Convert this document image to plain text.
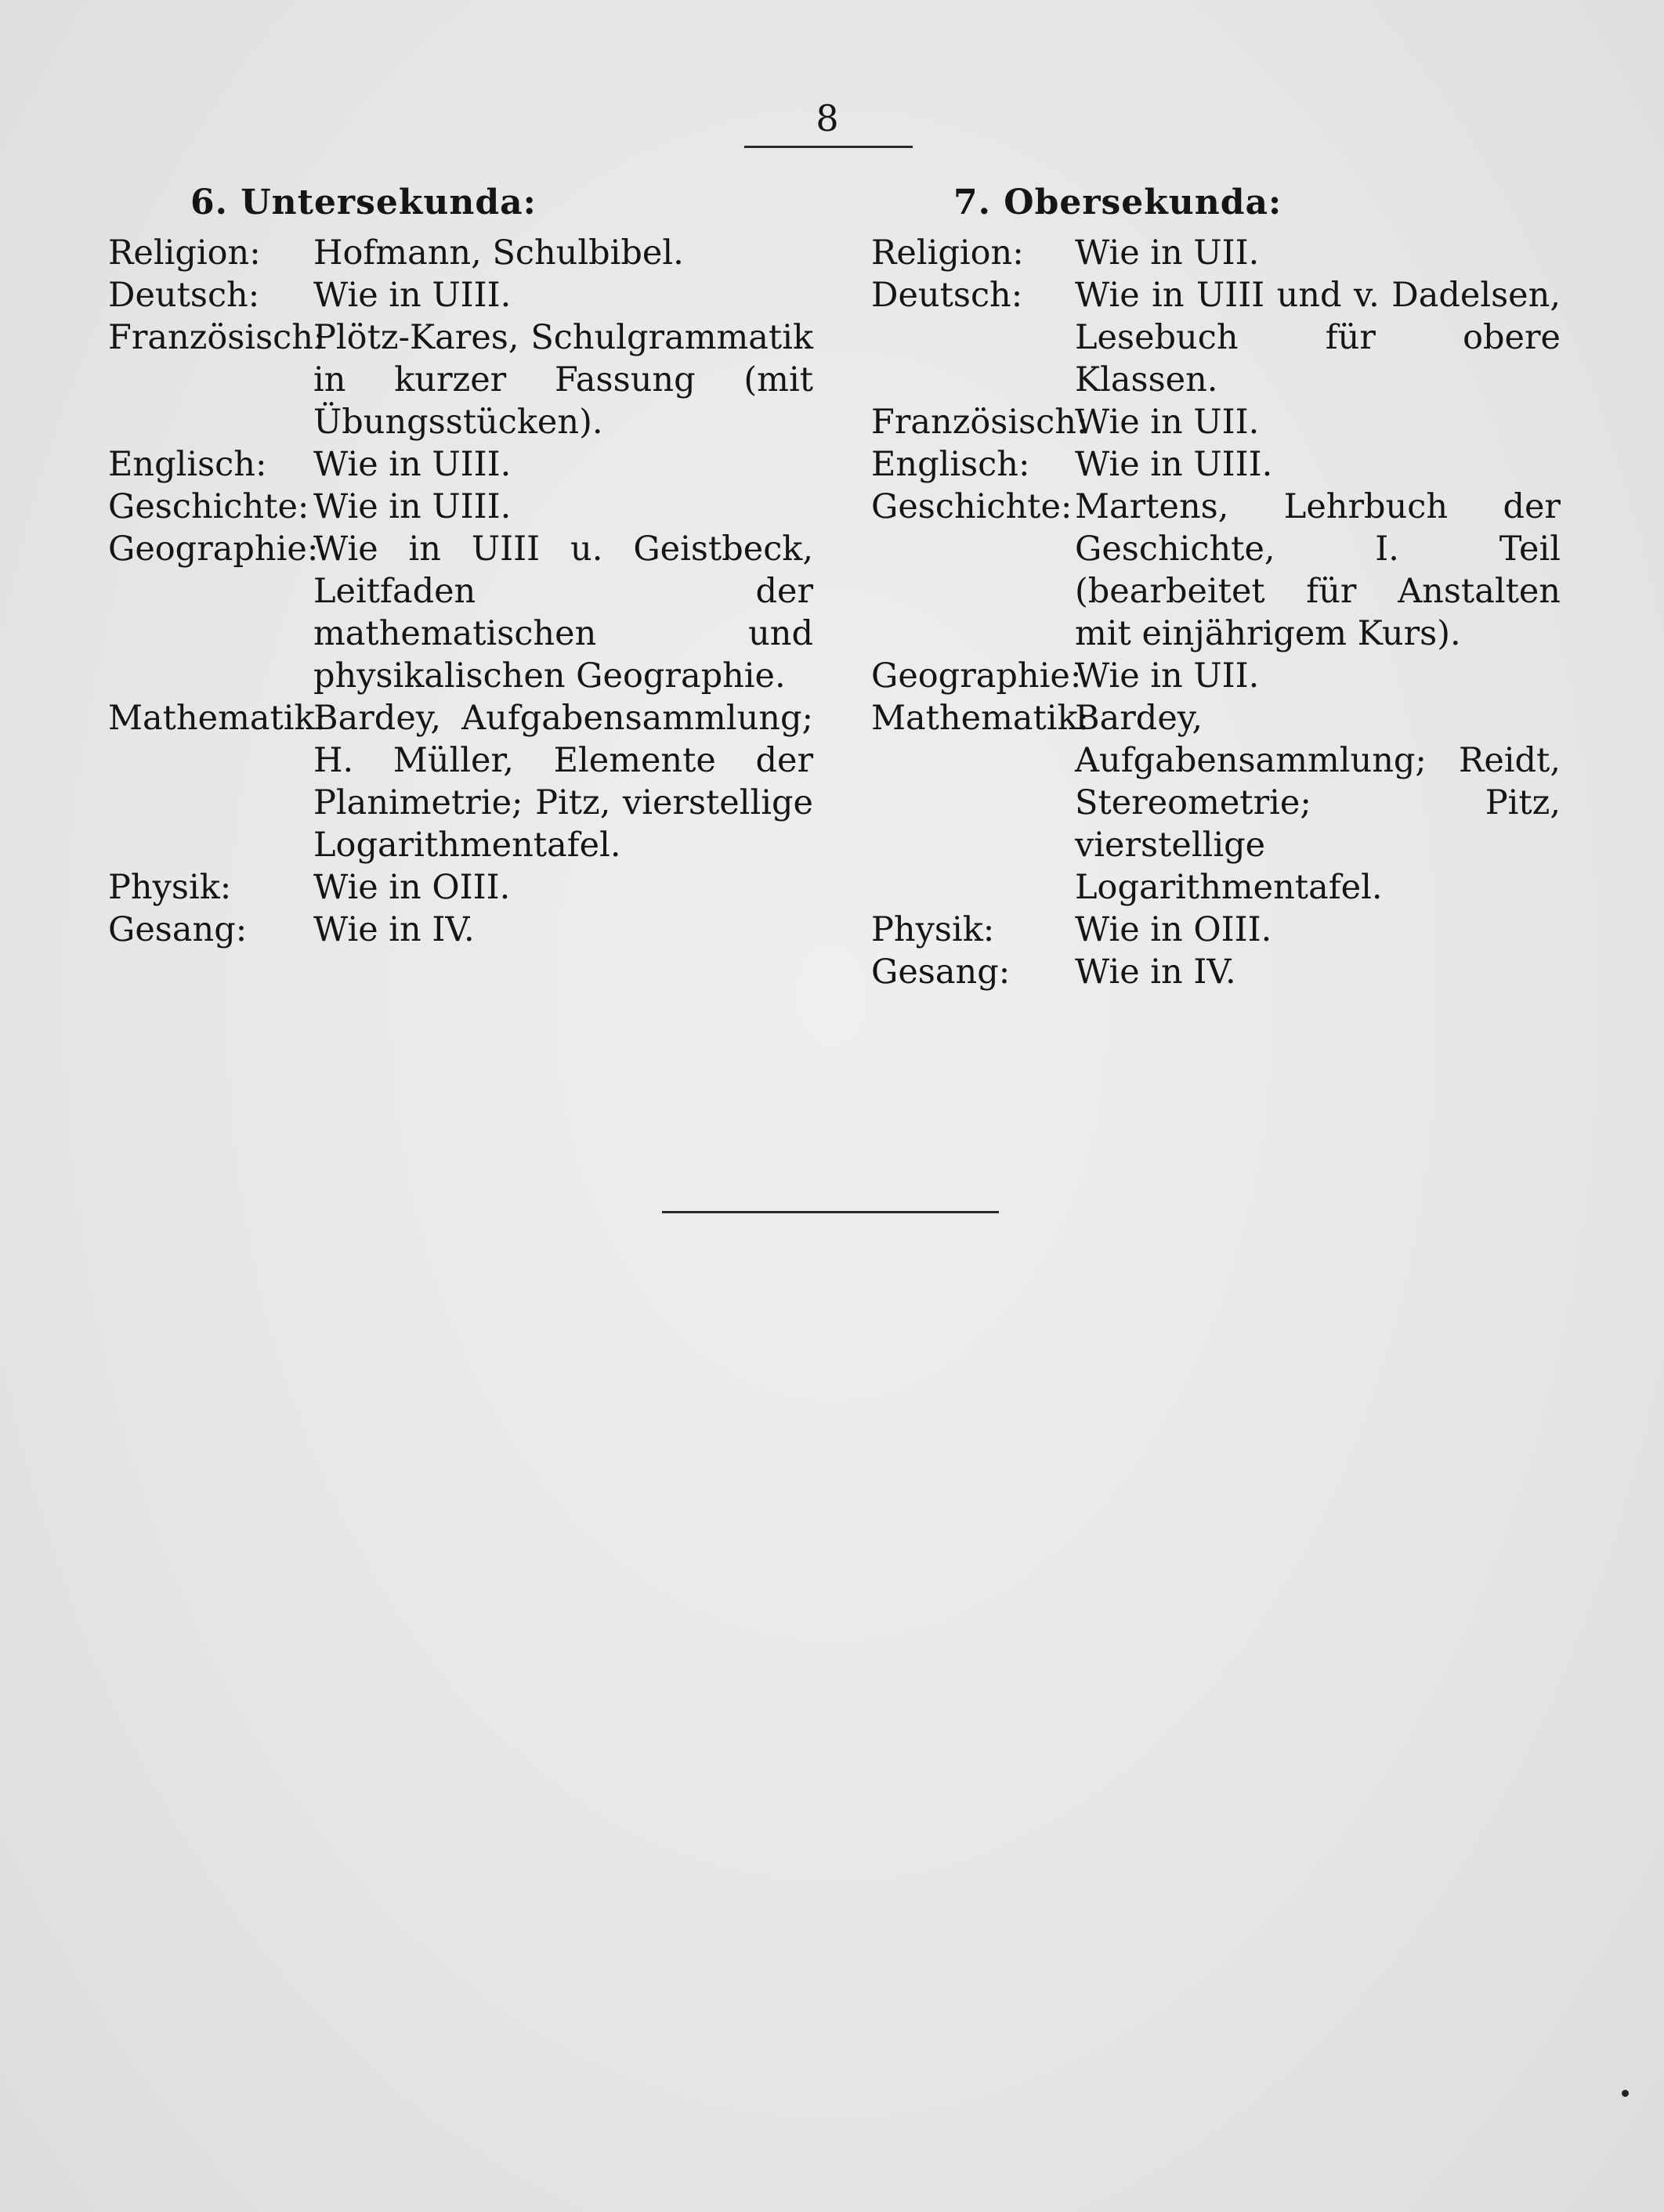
8
6. Untersekunda:
Religion:	Hofmann, Schulbibel.
Deutsch:	Wie in UIII.
Französisch:
Plötz-Kares, Schulgrammatik in kurzer Fassung (mit Übungsstücken).
Englisch:	Wie in UIII.
Geschichte: Wie in UIII.
Geographie:
Wie in UIII u. Geistbeck, Leitfaden der mathematischen und physikalischen Geographie.
Mathematik:
Bardey, Aufgabensammlung; H. Müller, Elemente der Planimetrie; Pitz, vierstellige Logarithmentafel.
Physik:	Wie in OIII.
Gesang:	Wie in IV.
7. Obersekunda:
Religion:	Wie in UII.
Deutsch:	Wie in UIII und v. Dadelsen, Lesebuch für obere Klassen.
Französisch:
Wie in UII.
Englisch:	Wie in UIII.
Geschichte: Martens, Lehrbuch der Geschichte, I. Teil (bearbeitet für Anstalten mit einjährigem Kurs).
Geographie:
Wie in UII.
Mathematik:
Bardey, Aufgabensammlung; Reidt, Stereometrie; Pitz, vierstellige Logarithmentafel.
Physik:	Wie in OIII.
Gesang:	Wie in IV.
